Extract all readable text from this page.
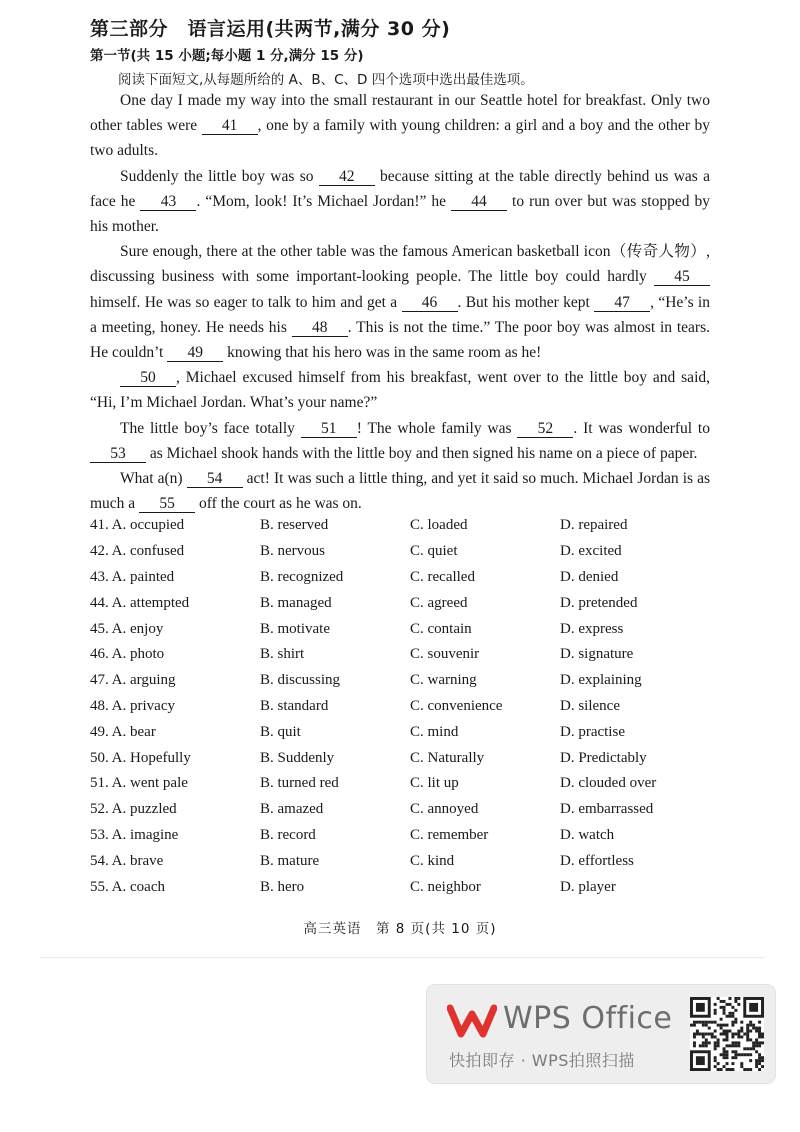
第三部分　语言运用(共两节,满分 30 分)
第一节(共 15 小题;每小题 1 分,满分 15 分)
阅读下面短文,从每题所给的 A、B、C、D 四个选项中选出最佳选项。

One day I made my way into the small restaurant in our Seattle hotel for breakfast. Only two other tables were 41 , one by a family with young children: a girl and a boy and the other by two adults.

Suddenly the little boy was so 42 because sitting at the table directly behind us was a face he 43 . “Mom, look! It’s Michael Jordan!” he 44 to run over but was stopped by his mother.

Sure enough, there at the other table was the famous American basketball icon（传奇人物）, discussing business with some important-looking people. The little boy could hardly 45 himself. He was so eager to talk to him and get a 46 . But his mother kept 47 , “He’s in a meeting, honey. He needs his 48 . This is not the time.” The poor boy was almost in tears. He couldn’t 49 knowing that his hero was in the same room as he!

50 , Michael excused himself from his breakfast, went over to the little boy and said, “Hi, I’m Michael Jordan. What’s your name?”

The little boy’s face totally 51 ! The whole family was 52 . It was wonderful to 53 as Michael shook hands with the little boy and then signed his name on a piece of paper.

What a(n) 54 act! It was such a little thing, and yet it said so much. Michael Jordan is as much a 55 off the court as he was on.

41. A. occupied	B. reserved	C. loaded	D. repaired
42. A. confused	B. nervous	C. quiet	D. excited
43. A. painted	B. recognized	C. recalled	D. denied
44. A. attempted	B. managed	C. agreed	D. pretended
45. A. enjoy	B. motivate	C. contain	D. express
46. A. photo	B. shirt	C. souvenir	D. signature
47. A. arguing	B. discussing	C. warning	D. explaining
48. A. privacy	B. standard	C. convenience	D. silence
49. A. bear	B. quit	C. mind	D. practise
50. A. Hopefully	B. Suddenly	C. Naturally	D. Predictably
51. A. went pale	B. turned red	C. lit up	D. clouded over
52. A. puzzled	B. amazed	C. annoyed	D. embarrassed
53. A. imagine	B. record	C. remember	D. watch
54. A. brave	B. mature	C. kind	D. effortless
55. A. coach	B. hero	C. neighbor	D. player
高三英语　第 8 页(共 10 页)
WPS Office
快拍即存 · WPS拍照扫描
